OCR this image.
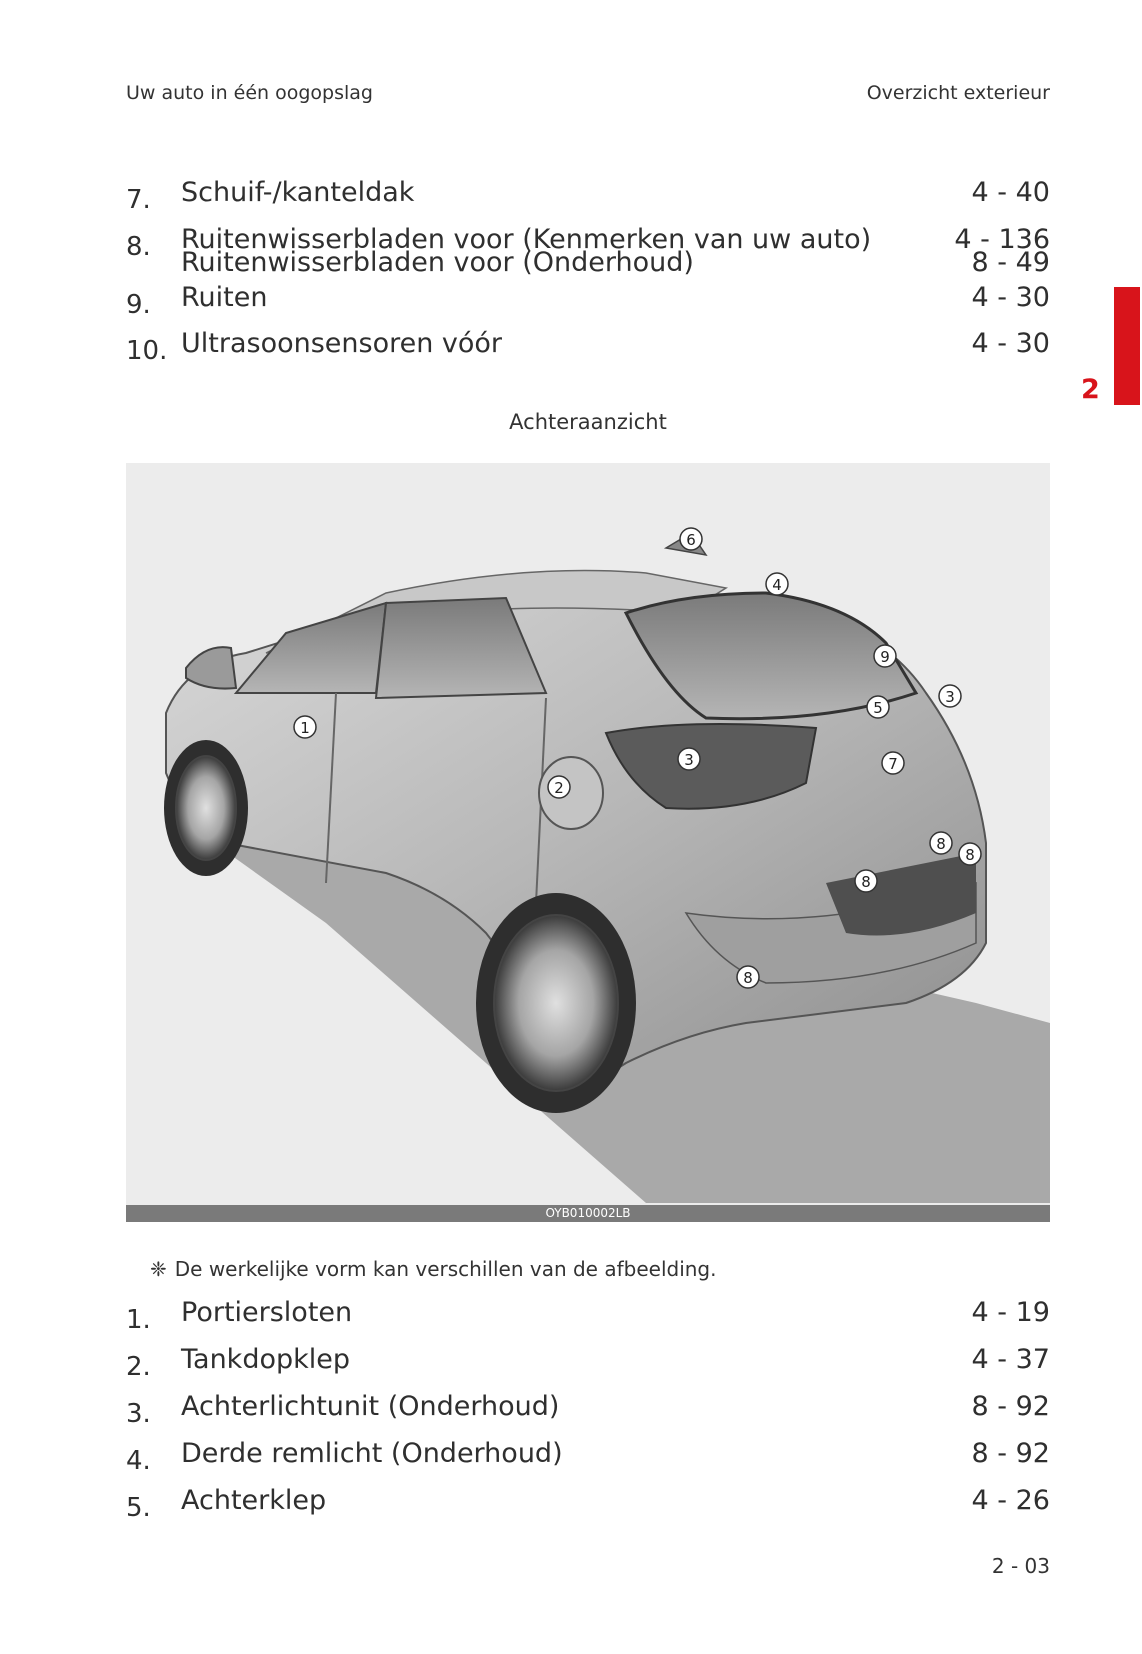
Uw auto in één oogopslag	Overzicht exterieur
2
7. Schuif-/kanteldak	4 - 40
8. Ruitenwisserbladen voor (Kenmerken van uw auto)	4 - 136
Ruitenwisserbladen voor (Onderhoud)	8 - 49
9. Ruiten	4 - 30
10. Ultrasoonsensoren vóór	4 - 30
Achteraanzicht
6
4
9
3
5
1
3	7
2
8
8
8
8
OYB010002LB
❈ De werkelijke vorm kan verschillen van de afbeelding.
1. Portiersloten	4 - 19
2. Tankdopklep	4 - 37
3. Achterlichtunit (Onderhoud)	8 - 92
4. Derde remlicht (Onderhoud)	8 - 92
5. Achterklep	4 - 26
2 - 03
